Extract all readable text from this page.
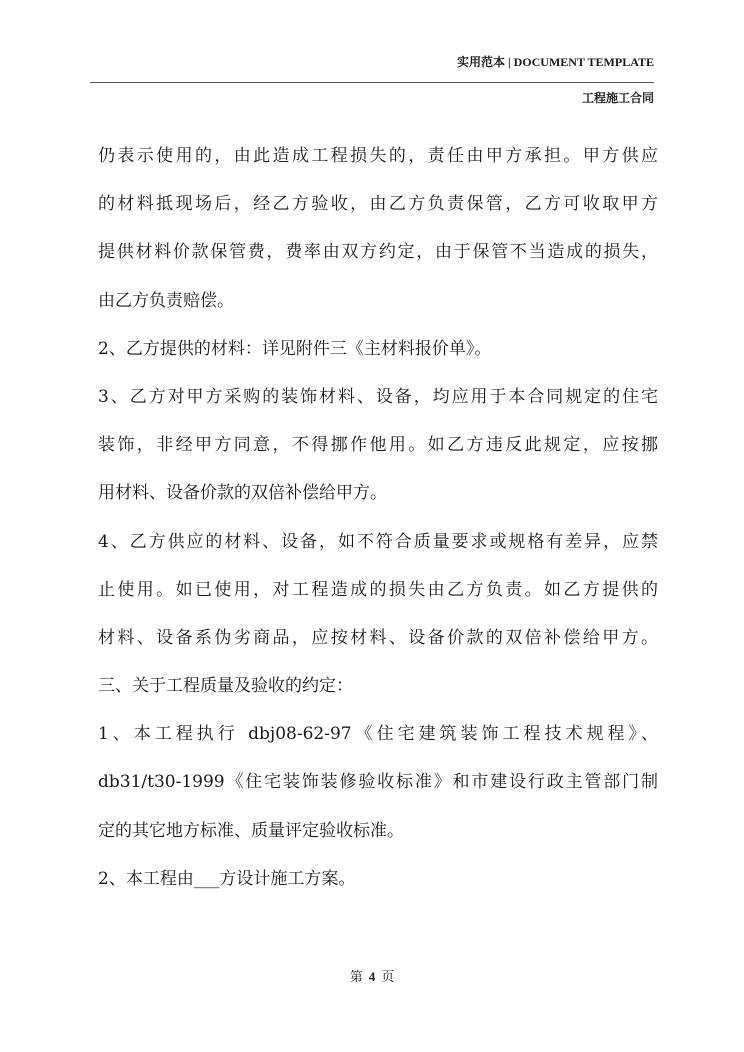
实用范本 | DOCUMENT TEMPLATE
工程施工合同
仍表示使用的，由此造成工程损失的，责任由甲方承担。甲方供应
的材料抵现场后，经乙方验收，由乙方负责保管，乙方可收取甲方
提供材料价款保管费，费率由双方约定，由于保管不当造成的损失，
由乙方负责赔偿。
2、乙方提供的材料：详见附件三《主材料报价单》。
3、乙方对甲方采购的装饰材料、设备，均应用于本合同规定的住宅
装饰，非经甲方同意，不得挪作他用。如乙方违反此规定，应按挪
用材料、设备价款的双倍补偿给甲方。
4、乙方供应的材料、设备，如不符合质量要求或规格有差异，应禁
止使用。如已使用，对工程造成的损失由乙方负责。如乙方提供的
材料、设备系伪劣商品，应按材料、设备价款的双倍补偿给甲方。
三、关于工程质量及验收的约定：
1、本工程执行 dbj08-62-97《住宅建筑装饰工程技术规程》、
db31/t30-1999《住宅装饰装修验收标准》和市建设行政主管部门制
定的其它地方标准、质量评定验收标准。
2、本工程由___方设计施工方案。
第 4 页
